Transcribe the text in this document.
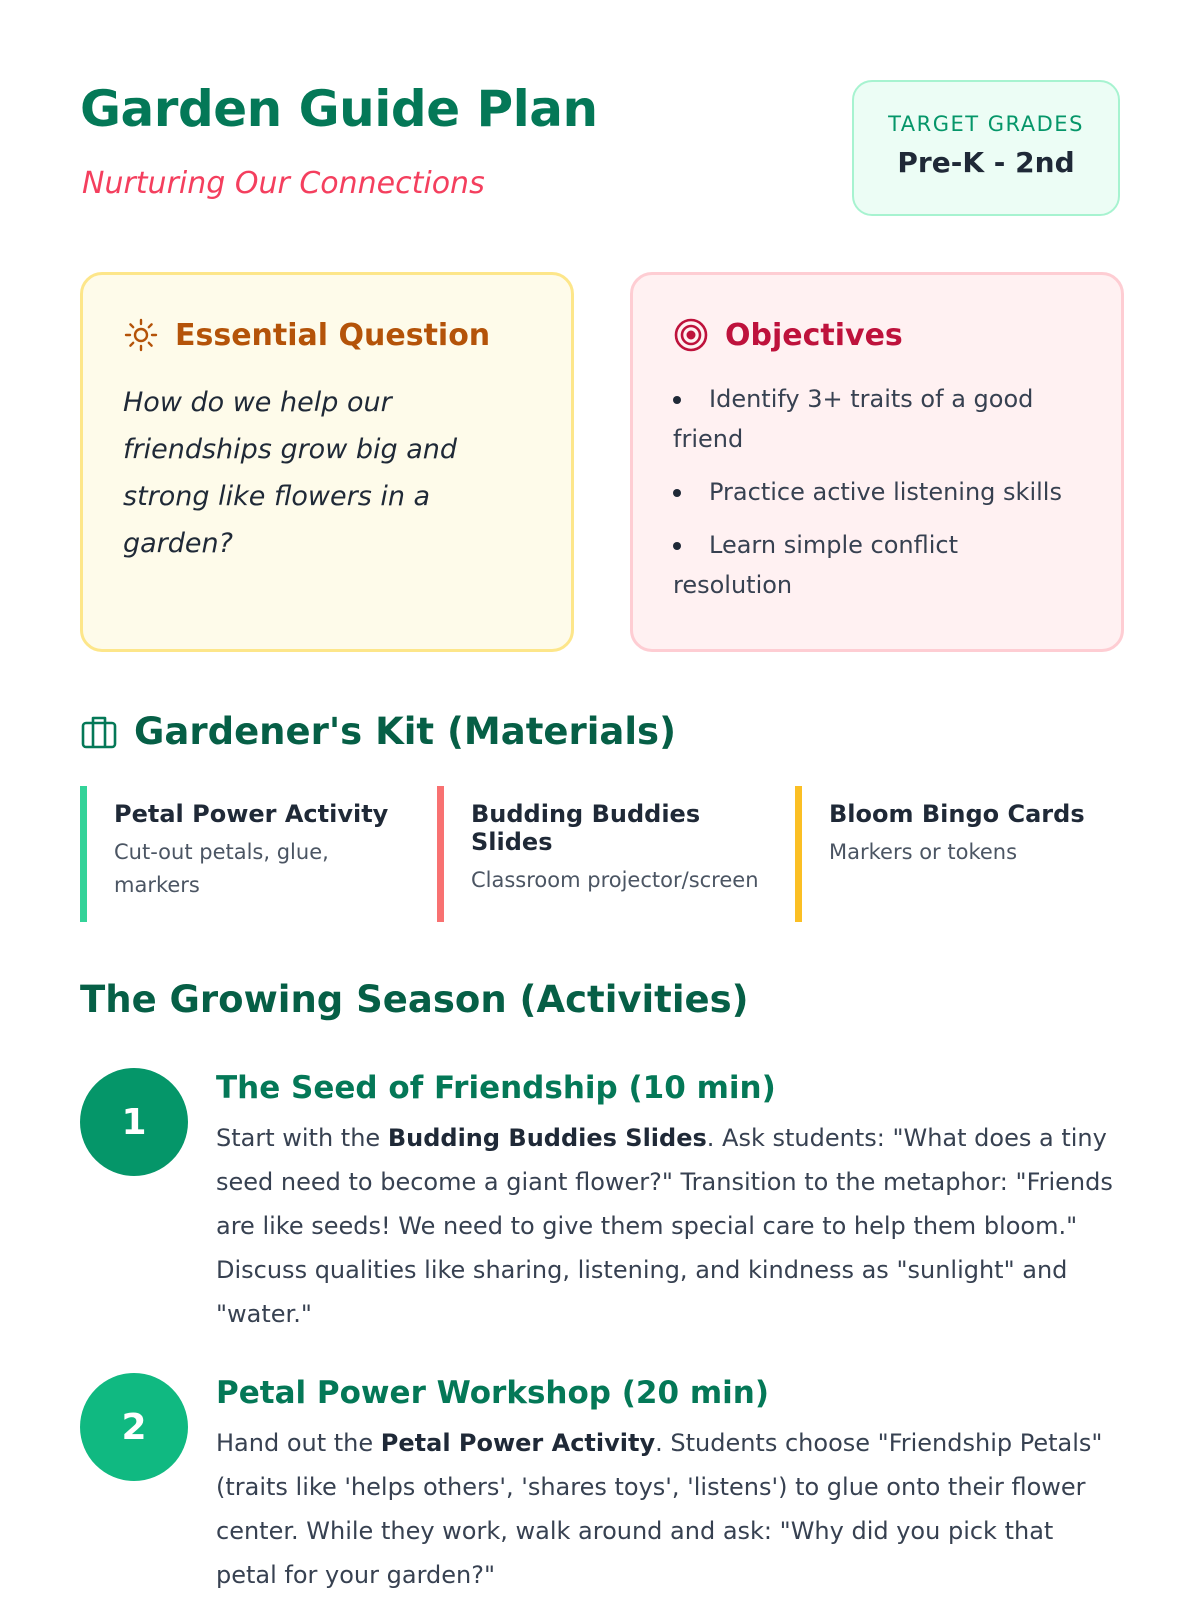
Garden Guide Plan
Nurturing Our Connections
TARGET GRADES
Pre-K - 2nd
Essential Question

How do we help our friendships grow big and strong like flowers in a garden?

Objectives
Identify 3+ traits of a good friend
Practice active listening skills
Learn simple conflict resolution
Gardener's Kit (Materials)
Petal Power Activity
Cut-out petals, glue, markers
Budding Buddies Slides
Classroom projector/screen
Bloom Bingo Cards
Markers or tokens
The Growing Season (Activities)
1
The Seed of Friendship (10 min)

Start with the Budding Buddies Slides. Ask students: "What does a tiny seed need to become a giant flower?" Transition to the metaphor: "Friends are like seeds! We need to give them special care to help them bloom." Discuss qualities like sharing, listening, and kindness as "sunlight" and "water."

2
Petal Power Workshop (20 min)

Hand out the Petal Power Activity. Students choose "Friendship Petals" (traits like 'helps others', 'shares toys', 'listens') to glue onto their flower center. While they work, walk around and ask: "Why did you pick that petal for your garden?"
